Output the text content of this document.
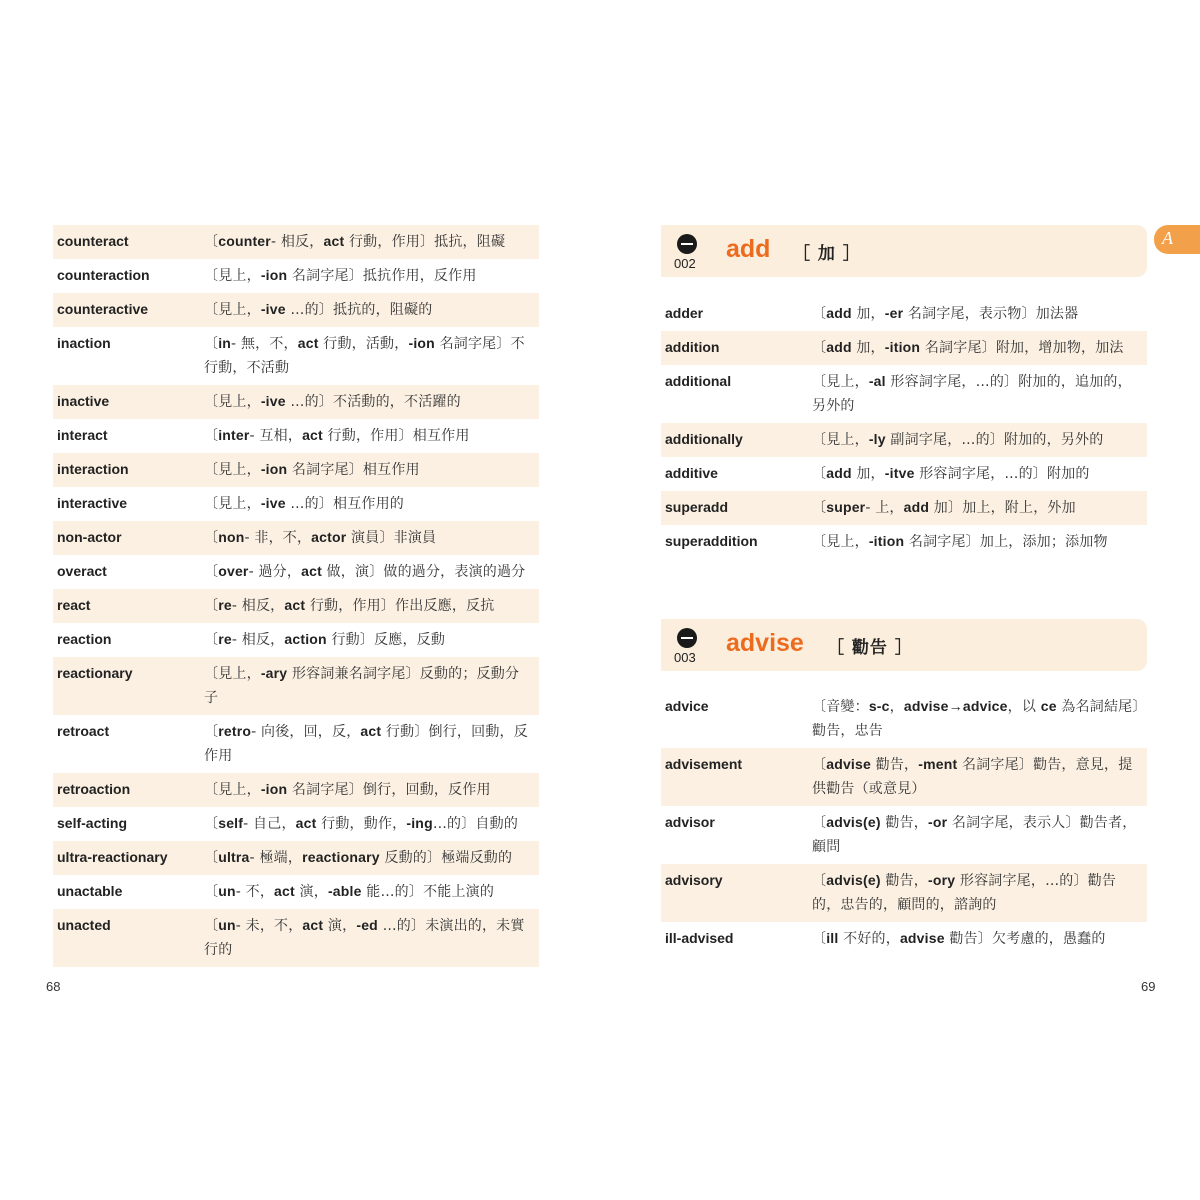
counteract	〔counter- 相反，act 行動，作用〕抵抗，阻礙
counteraction	〔見上，-ion 名詞字尾〕抵抗作用，反作用
counteractive	〔見上，-ive …的〕抵抗的，阻礙的
inaction	〔in- 無，不，act 行動，活動，-ion 名詞字尾〕不行動，不活動
inactive	〔見上，-ive …的〕不活動的，不活躍的
interact	〔inter- 互相，act 行動，作用〕相互作用
interaction	〔見上，-ion 名詞字尾〕相互作用
interactive	〔見上，-ive …的〕相互作用的
non-actor	〔non- 非，不，actor 演員〕非演員
overact	〔over- 過分，act 做，演〕做的過分，表演的過分
react	〔re- 相反，act 行動，作用〕作出反應，反抗
reaction	〔re- 相反，action 行動〕反應，反動
reactionary	〔見上，-ary 形容詞兼名詞字尾〕反動的；反動分子
retroact	〔retro- 向後，回，反，act 行動〕倒行，回動，反作用
retroaction	〔見上，-ion 名詞字尾〕倒行，回動，反作用
self-acting	〔self- 自己，act 行動，動作，-ing…的〕自動的
ultra-reactionary	〔ultra- 極端，reactionary 反動的〕極端反動的
unactable	〔un- 不，act 演，-able 能…的〕不能上演的
unacted	〔un- 未，不，act 演，-ed …的〕未演出的，未實行的
68
A
002
add ［ 加 ］
adder	〔add 加，-er 名詞字尾，表示物〕加法器
addition	〔add 加，-ition 名詞字尾〕附加，增加物，加法
additional	〔見上，-al 形容詞字尾，…的〕附加的，追加的，另外的
additionally	〔見上，-ly 副詞字尾，…的〕附加的，另外的
additive	〔add 加，-itve 形容詞字尾，…的〕附加的
superadd	〔super- 上，add 加〕加上，附上，外加
superaddition	〔見上，-ition 名詞字尾〕加上，添加；添加物
003
advise ［ 勸告 ］
advice	〔音變：s-c，advise→advice，以 ce 為名詞結尾〕勸告，忠告
advisement	〔advise 勸告，-ment 名詞字尾〕勸告，意見，提供勸告（或意見）
advisor	〔advis(e) 勸告，-or 名詞字尾，表示人〕勸告者，顧問
advisory	〔advis(e) 勸告，-ory 形容詞字尾，…的〕勸告的，忠告的，顧問的，諮詢的
ill-advised	〔ill 不好的，advise 勸告〕欠考慮的，愚蠢的
69
